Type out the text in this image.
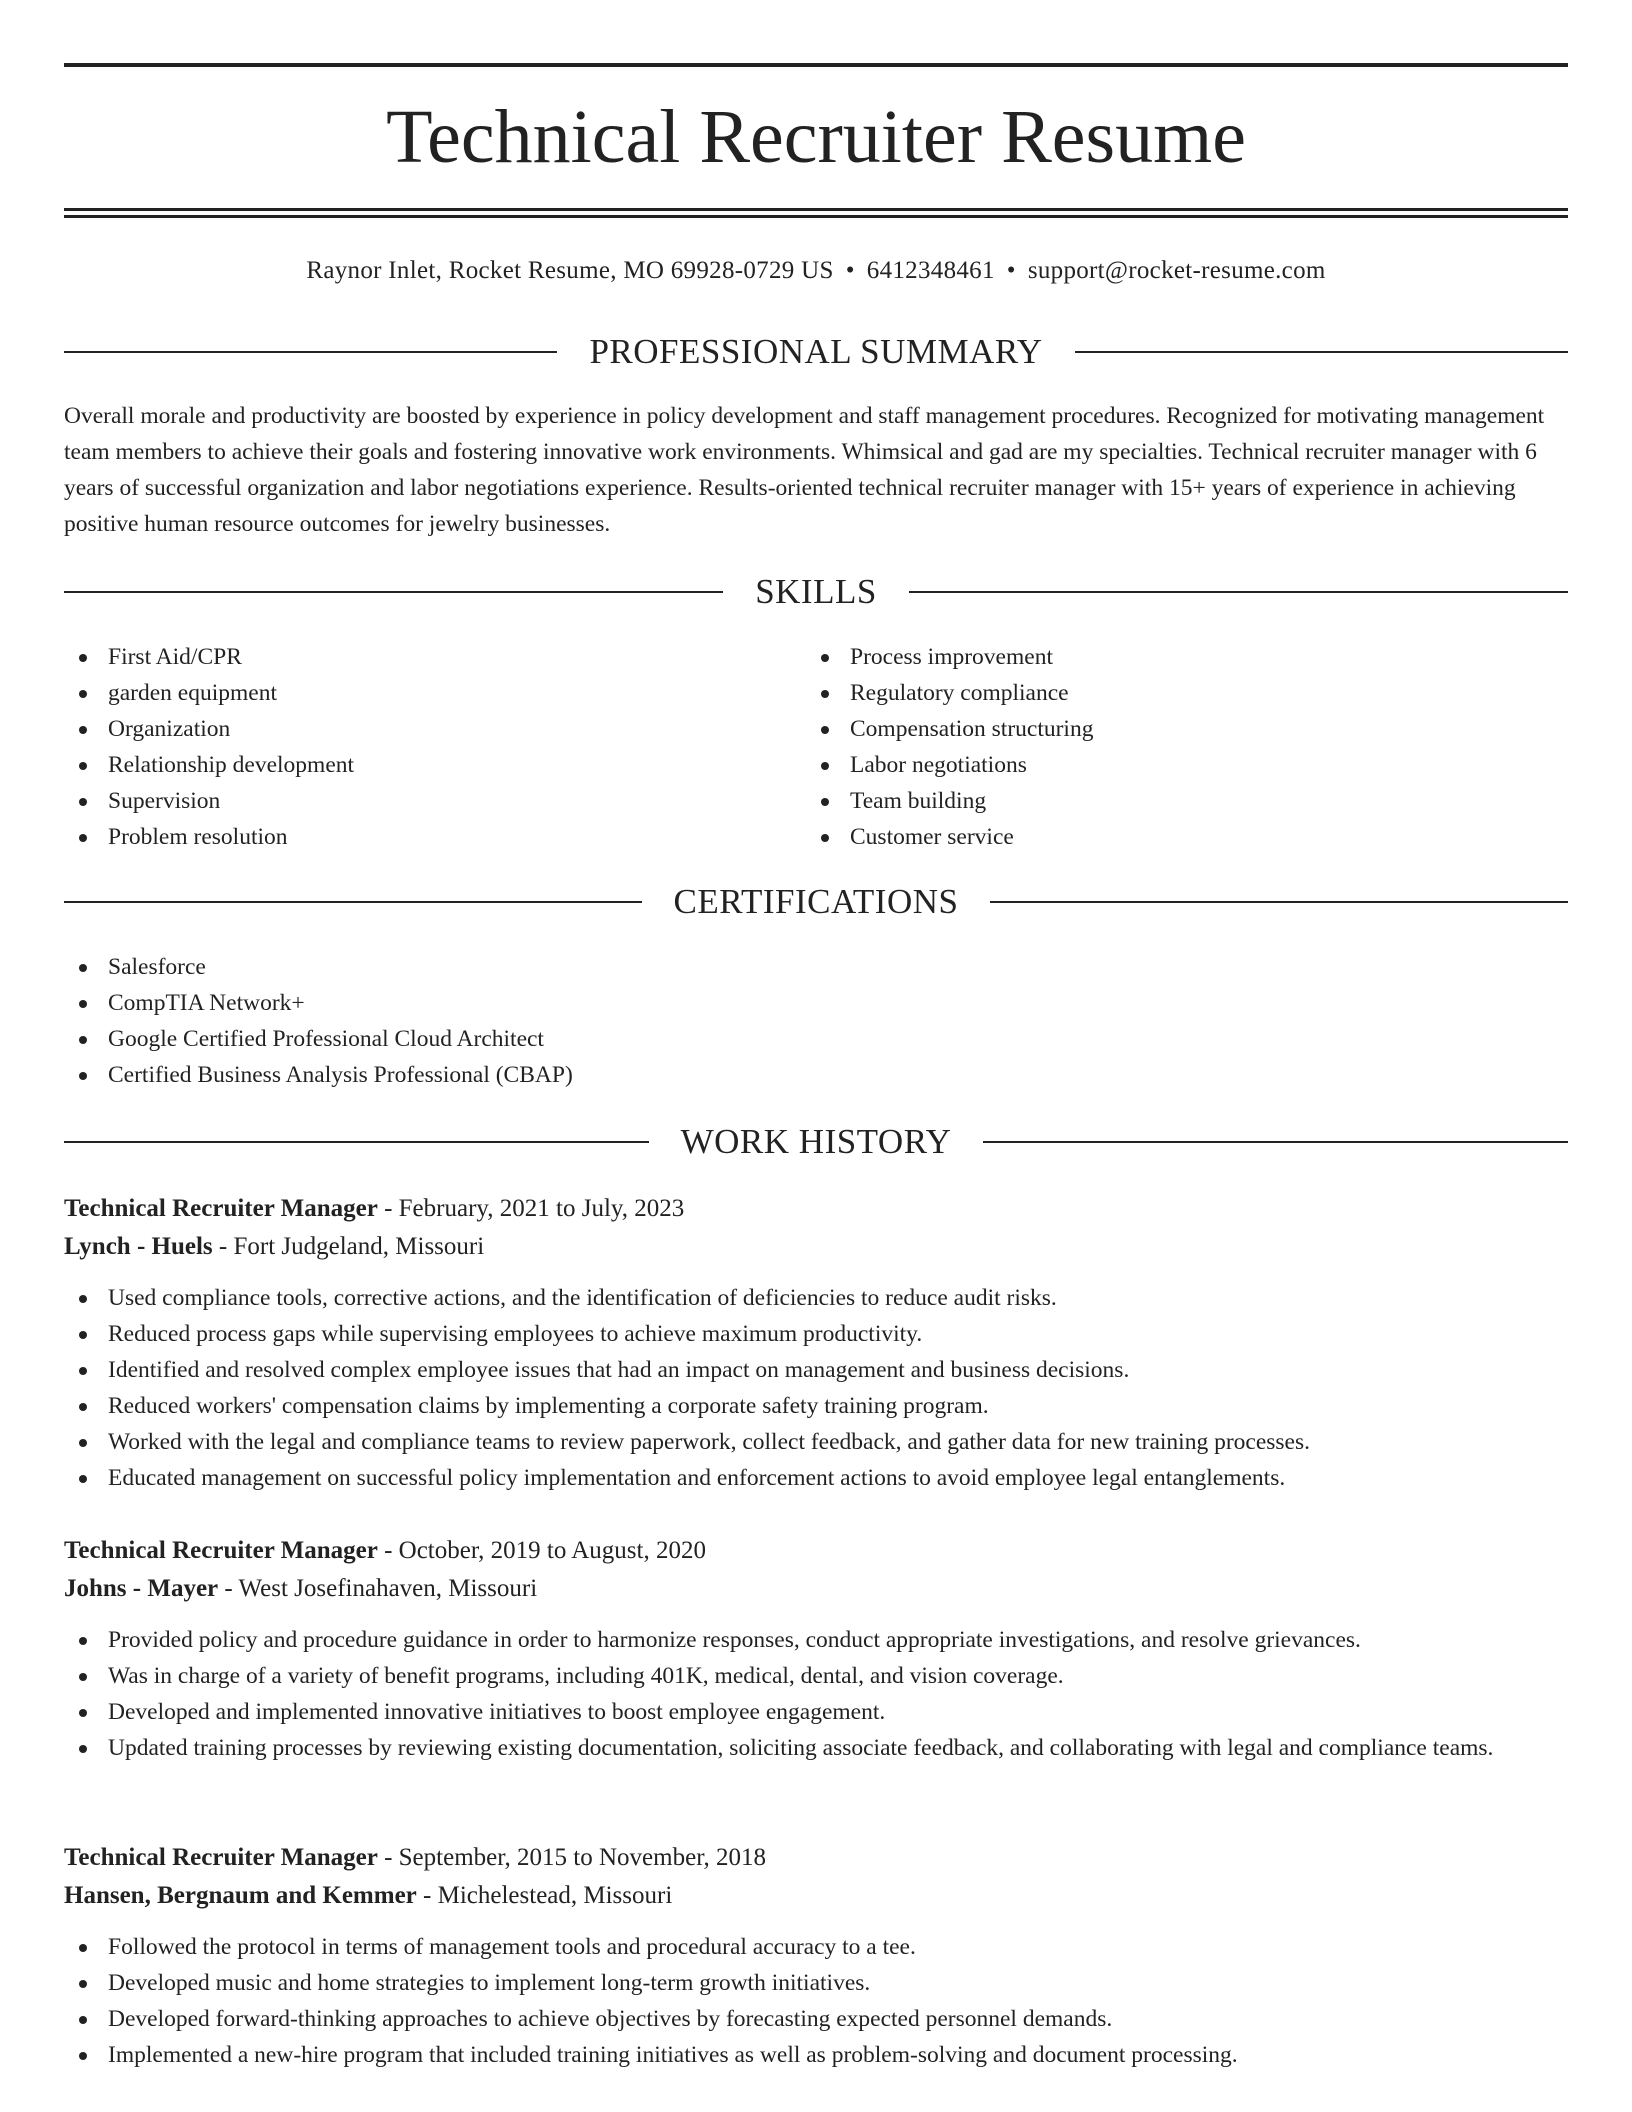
Technical Recruiter Resume
Raynor Inlet, Rocket Resume, MO 69928-0729 US • 6412348461 • support@rocket-resume.com
PROFESSIONAL SUMMARY

Overall morale and productivity are boosted by experience in policy development and staff management procedures. Recognized for motivating management team members to achieve their goals and fostering innovative work environments. Whimsical and gad are my specialties. Technical recruiter manager with 6 years of successful organization and labor negotiations experience. Results-oriented technical recruiter manager with 15+ years of experience in achieving positive human resource outcomes for jewelry businesses.

SKILLS
First Aid/CPR
garden equipment
Organization
Relationship development
Supervision
Problem resolution
Process improvement
Regulatory compliance
Compensation structuring
Labor negotiations
Team building
Customer service
CERTIFICATIONS
Salesforce
CompTIA Network+
Google Certified Professional Cloud Architect
Certified Business Analysis Professional (CBAP)
WORK HISTORY
Technical Recruiter Manager - February, 2021 to July, 2023
Lynch - Huels - Fort Judgeland, Missouri
Used compliance tools, corrective actions, and the identification of deficiencies to reduce audit risks.
Reduced process gaps while supervising employees to achieve maximum productivity.
Identified and resolved complex employee issues that had an impact on management and business decisions.
Reduced workers' compensation claims by implementing a corporate safety training program.
Worked with the legal and compliance teams to review paperwork, collect feedback, and gather data for new training processes.
Educated management on successful policy implementation and enforcement actions to avoid employee legal entanglements.
Technical Recruiter Manager - October, 2019 to August, 2020
Johns - Mayer - West Josefinahaven, Missouri
Provided policy and procedure guidance in order to harmonize responses, conduct appropriate investigations, and resolve grievances.
Was in charge of a variety of benefit programs, including 401K, medical, dental, and vision coverage.
Developed and implemented innovative initiatives to boost employee engagement.
Updated training processes by reviewing existing documentation, soliciting associate feedback, and collaborating with legal and compliance teams.
Technical Recruiter Manager - September, 2015 to November, 2018
Hansen, Bergnaum and Kemmer - Michelestead, Missouri
Followed the protocol in terms of management tools and procedural accuracy to a tee.
Developed music and home strategies to implement long-term growth initiatives.
Developed forward-thinking approaches to achieve objectives by forecasting expected personnel demands.
Implemented a new-hire program that included training initiatives as well as problem-solving and document processing.
